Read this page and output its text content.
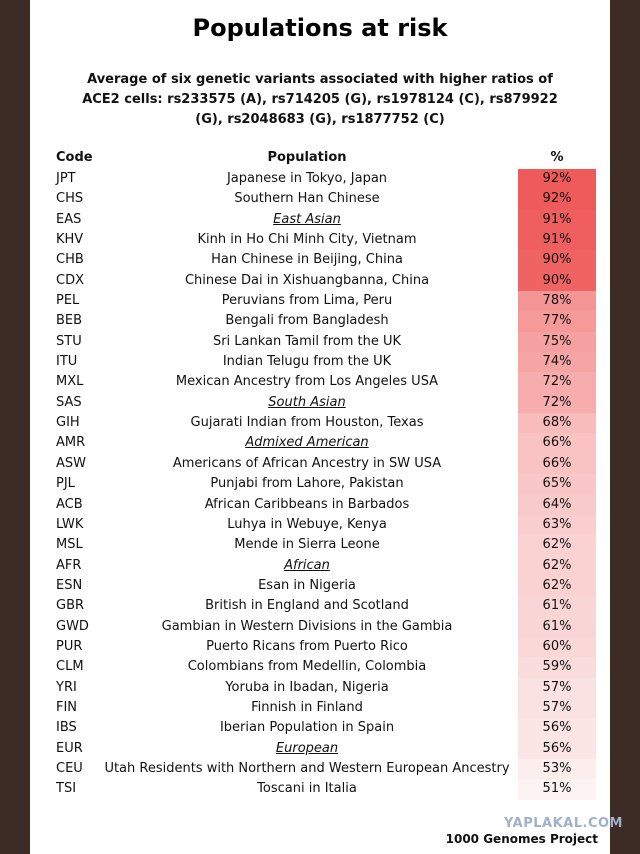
Populations at risk
Average of six genetic variants associated with higher ratios of ACE2 cells: rs233575 (A), rs714205 (G), rs1978124 (C), rs879922 (G), rs2048683 (G), rs1877752 (C)
Code	Population	%
JPT	Japanese in Tokyo, Japan	92%
CHS	Southern Han Chinese	92%
EAS	East Asian	91%
KHV	Kinh in Ho Chi Minh City, Vietnam	91%
CHB	Han Chinese in Beijing, China	90%
CDX	Chinese Dai in Xishuangbanna, China	90%
PEL	Peruvians from Lima, Peru	78%
BEB	Bengali from Bangladesh	77%
STU	Sri Lankan Tamil from the UK	75%
ITU	Indian Telugu from the UK	74%
MXL	Mexican Ancestry from Los Angeles USA	72%
SAS	South Asian	72%
GIH	Gujarati Indian from Houston, Texas	68%
AMR	Admixed American	66%
ASW	Americans of African Ancestry in SW USA	66%
PJL	Punjabi from Lahore, Pakistan	65%
ACB	African Caribbeans in Barbados	64%
LWK	Luhya in Webuye, Kenya	63%
MSL	Mende in Sierra Leone	62%
AFR	African	62%
ESN	Esan in Nigeria	62%
GBR	British in England and Scotland	61%
GWD	Gambian in Western Divisions in the Gambia	61%
PUR	Puerto Ricans from Puerto Rico	60%
CLM	Colombians from Medellin, Colombia	59%
YRI	Yoruba in Ibadan, Nigeria	57%
FIN	Finnish in Finland	57%
IBS	Iberian Population in Spain	56%
EUR	European	56%
CEU	Utah Residents with Northern and Western European Ancestry	53%
TSI	Toscani in Italia	51%
YAPLAKAL.COM
1000 Genomes Project
